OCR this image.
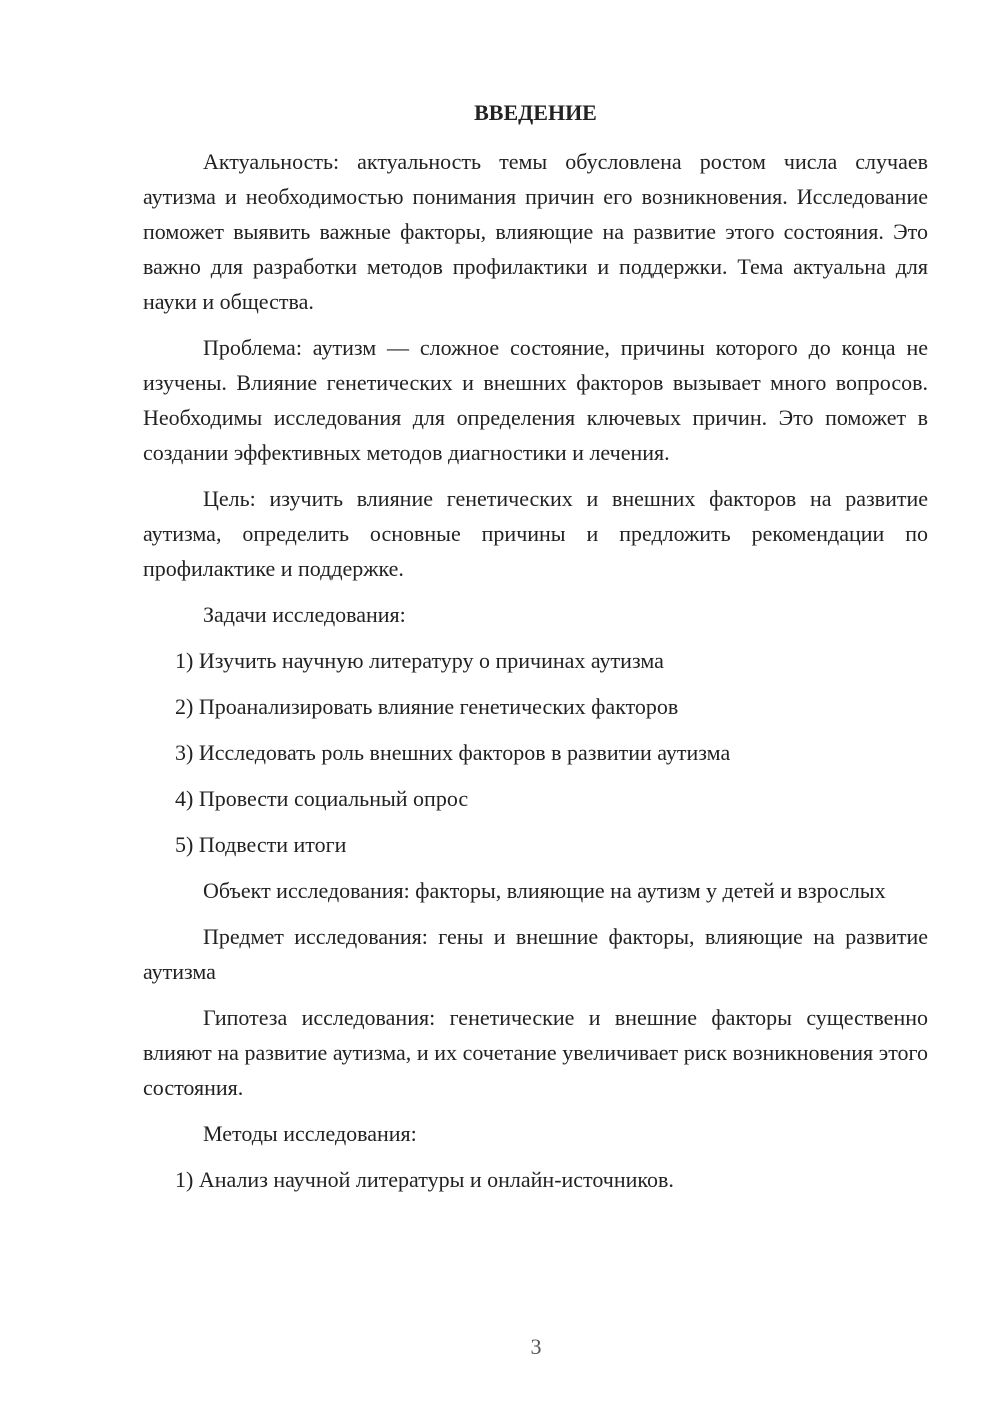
ВВЕДЕНИЕ

Актуальность: актуальность темы обусловлена ростом числа случаев аутизма и необходимостью понимания причин его возникновения. Исследование поможет выявить важные факторы, влияющие на развитие этого состояния. Это важно для разработки методов профилактики и поддержки. Тема актуальна для науки и общества.

Проблема: аутизм — сложное состояние, причины которого до конца не изучены. Влияние генетических и внешних факторов вызывает много вопросов. Необходимы исследования для определения ключевых причин. Это поможет в создании эффективных методов диагностики и лечения.

Цель: изучить влияние генетических и внешних факторов на развитие аутизма, определить основные причины и предложить рекомендации по профилактике и поддержке.

Задачи исследования:

1) Изучить научную литературу о причинах аутизма

2) Проанализировать влияние генетических факторов

3) Исследовать роль внешних факторов в развитии аутизма

4) Провести социальный опрос

5) Подвести итоги

Объект исследования: факторы, влияющие на аутизм у детей и взрослых

Предмет исследования: гены и внешние факторы, влияющие на развитие аутизма

Гипотеза исследования: генетические и внешние факторы существенно влияют на развитие аутизма, и их сочетание увеличивает риск возникновения этого состояния.

Методы исследования:

1) Анализ научной литературы и онлайн-источников.

3
